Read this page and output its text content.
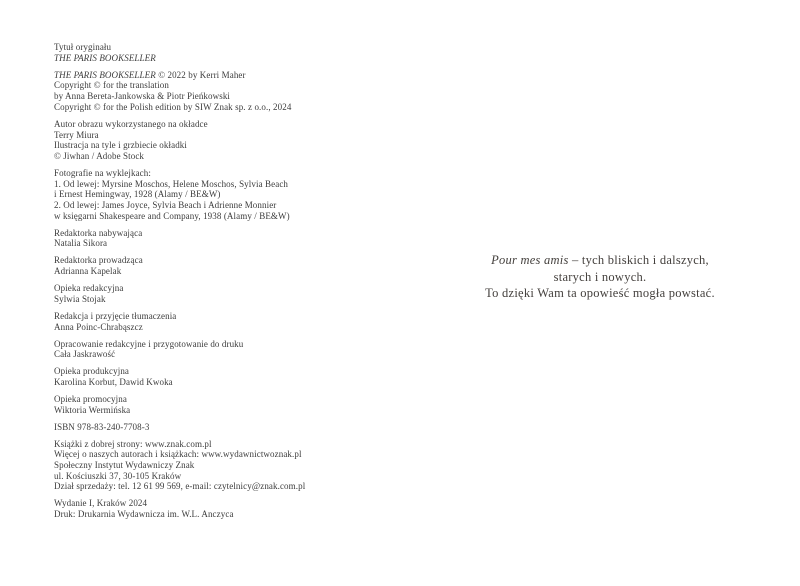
Tytuł oryginału
THE PARIS BOOKSELLER

THE PARIS BOOKSELLER © 2022 by Kerri Maher
Copyright © for the translation
by Anna Bereta-Jankowska & Piotr Pieńkowski
Copyright © for the Polish edition by SIW Znak sp. z o.o., 2024

Autor obrazu wykorzystanego na okładce
Terry Miura
Ilustracja na tyle i grzbiecie okładki
© Jiwhan / Adobe Stock

Fotografie na wyklejkach:
1. Od lewej: Myrsine Moschos, Helene Moschos, Sylvia Beach
i Ernest Hemingway, 1928 (Alamy / BE&W)
2. Od lewej: James Joyce, Sylvia Beach i Adrienne Monnier
w księgarni Shakespeare and Company, 1938 (Alamy / BE&W)

Redaktorka nabywająca
Natalia Sikora

Redaktorka prowadząca
Adrianna Kapelak

Opieka redakcyjna
Sylwia Stojak

Redakcja i przyjęcie tłumaczenia
Anna Poinc-Chrabąszcz

Opracowanie redakcyjne i przygotowanie do druku
Cała Jaskrawość

Opieka produkcyjna
Karolina Korbut, Dawid Kwoka

Opieka promocyjna
Wiktoria Wermińska

ISBN 978-83-240-7708-3

Książki z dobrej strony: www.znak.com.pl
Więcej o naszych autorach i książkach: www.wydawnictwoznak.pl
Społeczny Instytut Wydawniczy Znak
ul. Kościuszki 37, 30-105 Kraków
Dział sprzedaży: tel. 12 61 99 569, e-mail: czytelnicy@znak.com.pl

Wydanie I, Kraków 2024
Druk: Drukarnia Wydawnicza im. W.L. Anczyca

Pour mes amis – tych bliskich i dalszych,
starych i nowych.
To dzięki Wam ta opowieść mogła powstać.
